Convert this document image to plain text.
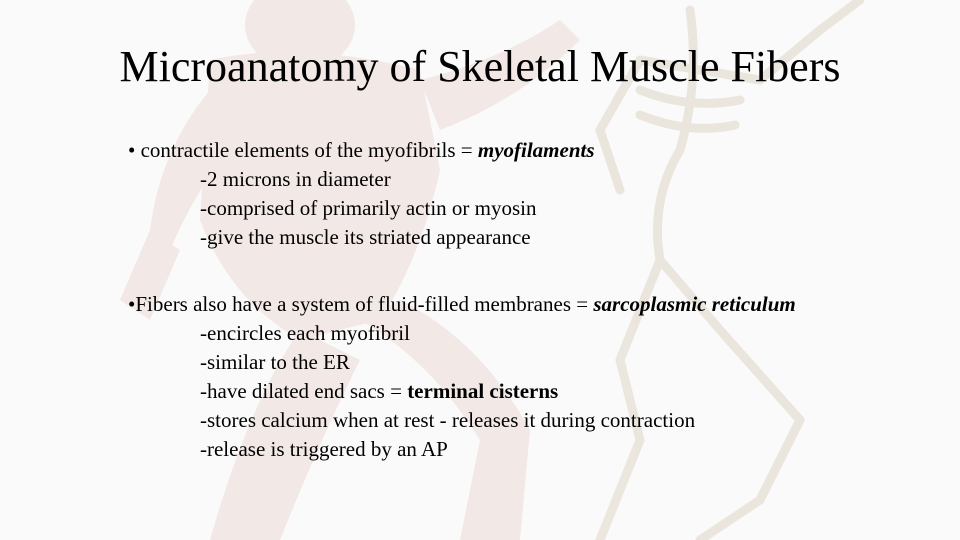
Microanatomy of Skeletal Muscle Fibers
• contractile elements of the myofibrils = myofilaments
-2 microns in diameter
-comprised of primarily actin or myosin
-give the muscle its striated appearance
•Fibers also have a system of fluid-filled membranes = sarcoplasmic reticulum
-encircles each myofibril
-similar to the ER
-have dilated end sacs = terminal cisterns
-stores calcium when at rest - releases it during contraction
-release is triggered by an AP
